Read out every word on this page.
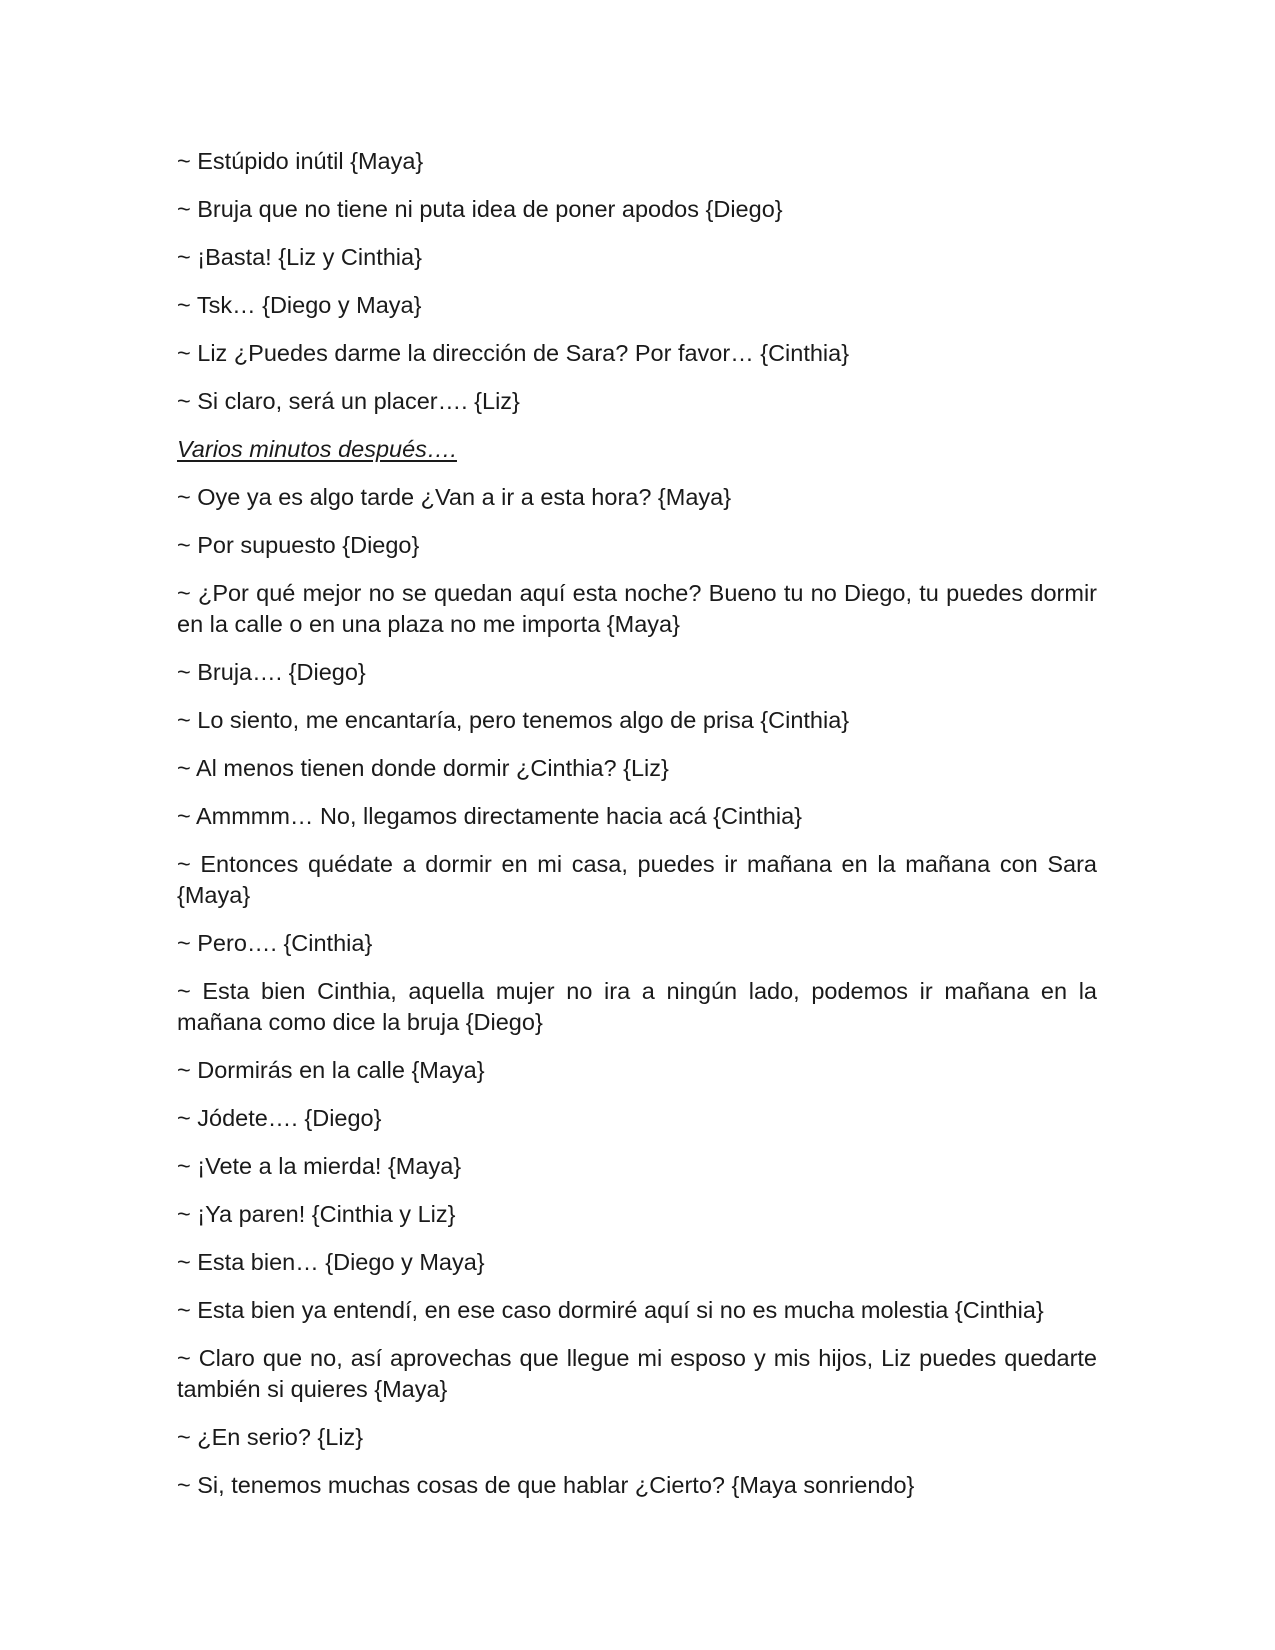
~ Estúpido inútil {Maya}

~ Bruja que no tiene ni puta idea de poner apodos {Diego}

~ ¡Basta! {Liz y Cinthia}

~ Tsk… {Diego y Maya}

~ Liz ¿Puedes darme la dirección de Sara? Por favor… {Cinthia}

~ Si claro, será un placer…. {Liz}

Varios minutos después….

~ Oye ya es algo tarde ¿Van a ir a esta hora? {Maya}

~ Por supuesto {Diego}

~ ¿Por qué mejor no se quedan aquí esta noche? Bueno tu no Diego, tu puedes dormir en la calle o en una plaza no me importa {Maya}

~ Bruja…. {Diego}

~ Lo siento, me encantaría, pero tenemos algo de prisa {Cinthia}

~ Al menos tienen donde dormir ¿Cinthia? {Liz}

~ Ammmm… No, llegamos directamente hacia acá {Cinthia}

~ Entonces quédate a dormir en mi casa, puedes ir mañana en la mañana con Sara {Maya}

~ Pero…. {Cinthia}

~ Esta bien Cinthia, aquella mujer no ira a ningún lado, podemos ir mañana en la mañana como dice la bruja {Diego}

~ Dormirás en la calle {Maya}

~ Jódete…. {Diego}

~ ¡Vete a la mierda! {Maya}

~ ¡Ya paren! {Cinthia y Liz}

~ Esta bien… {Diego y Maya}

~ Esta bien ya entendí, en ese caso dormiré aquí si no es mucha molestia {Cinthia}

~ Claro que no, así aprovechas que llegue mi esposo y mis hijos, Liz puedes quedarte también si quieres {Maya}

~ ¿En serio? {Liz}

~ Si, tenemos muchas cosas de que hablar ¿Cierto? {Maya sonriendo}
